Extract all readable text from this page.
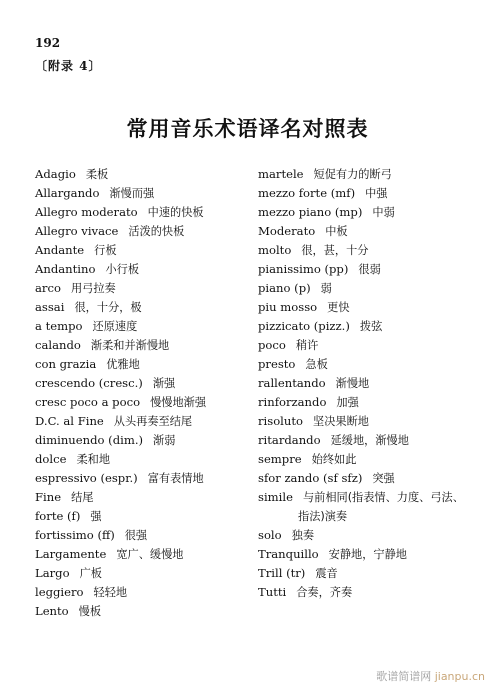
192
〔附录 4〕
常用音乐术语译名对照表
Adagio 柔板
Allargando 渐慢而强
Allegro moderato 中速的快板
Allegro vivace 活泼的快板
Andante 行板
Andantino 小行板
arco 用弓拉奏
assai 很，十分，极
a tempo 还原速度
calando 渐柔和并渐慢地
con grazia 优雅地
crescendo (cresc.) 渐强
cresc poco a poco 慢慢地渐强
D.C. al Fine 从头再奏至结尾
diminuendo (dim.) 渐弱
dolce 柔和地
espressivo (espr.) 富有表情地
Fine 结尾
forte (f) 强
fortissimo (ff) 很强
Largamente 宽广、缓慢地
Largo 广板
leggiero 轻轻地
Lento 慢板
martele 短促有力的断弓
mezzo forte (mf) 中强
mezzo piano (mp) 中弱
Moderato 中板
molto 很，甚，十分
pianissimo (pp) 很弱
piano (p) 弱
piu mosso 更快
pizzicato (pizz.) 拨弦
poco 稍许
presto 急板
rallentando 渐慢地
rinforzando 加强
risoluto 坚决果断地
ritardando 延缓地，渐慢地
sempre 始终如此
sfor zando (sf sfz) 突强
simile 与前相同(指表情、力度、弓法、
指法)演奏
solo 独奏
Tranquillo 安静地，宁静地
Trill (tr) 震音
Tutti 合奏，齐奏
歌谱简谱网 jianpu.cn
